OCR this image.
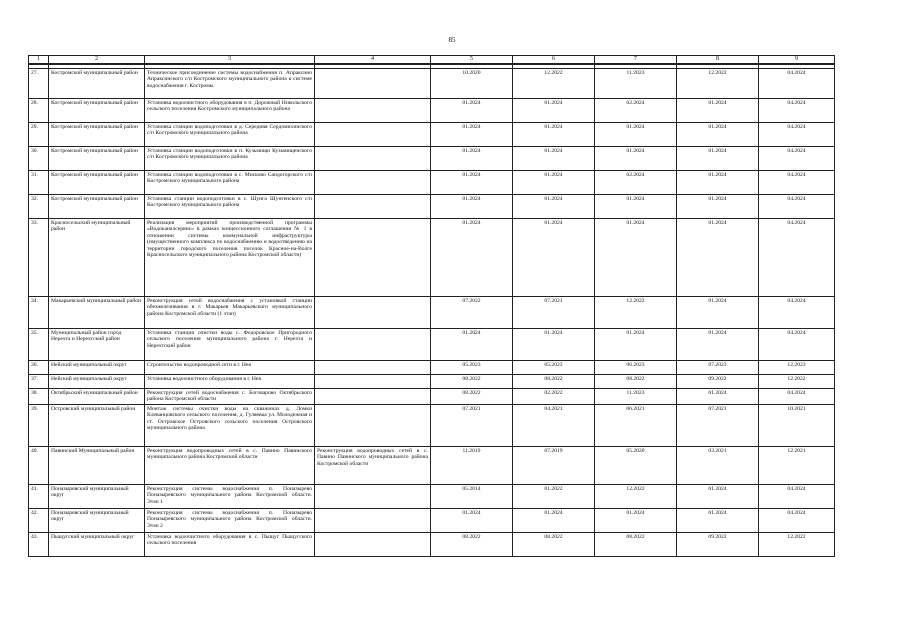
85
1	2	3	4	5	6	7	8	9

27.	Костромской муниципальный район	Техническое присоединение системы водоснабжения п. Апраксино Апраксинского с/п Костромского муниципального района к системе водоснабжения г. Костромы		10.2020	12.2022	11.2023	12.2022	04.2024
28.	Костромской муниципальный район	Установка водоочистного оборудования в п. Дорожный Никольского сельского поселения Костромского муниципального района		01.2024	01.2024	02.2024	01.2024	04.2024
29.	Костромской муниципальный район	Установка станции водоподготовки в д. Середняя Сердомихинского с/п Костромского муниципального района		01.2024	01.2024	01.2024	01.2024	04.2024
30.	Костромской муниципальный район	Установка станции водоподготовки в п. Кузьмищи Кузьмищенского с/п Костромского муниципального района		01.2024	01.2024	01.2024	01.2024	04.2024
31.	Костромской муниципальный район	Установка станции водоподготовки в с. Мисково Сандогорского с/п Костромского муниципального района		01.2024	01.2024	02.2024	01.2024	04.2024
32.	Костромской муниципальный район	Установка станции водоподготовки в с. Шунга Шунгенского с/п Костромского муниципального района		01.2024	01.2024	01.2024	01.2024	04.2024
33.	Красносельский муниципальный район	Реализация мероприятий производственной программы «Водоканалсервис» в рамках концессионного соглашения № 1 в отношении системы коммунальной инфраструктуры (имущественного комплекса по водоснабжению и водоотведению на территории городского поселения поселок Красное-на-Волге Красносельского муниципального района Костромской области)		01.2024	01.2024	01.2024	01.2024	04.2024
34.	Макарьевский муниципальный район	Реконструкция сетей водоснабжения с установкой станции обезжелезивания в г. Макарьев Макарьевского муниципального района Костромской области (1 этап)		07.2022	07.2021	12.2022	01.2024	04.2024
35.	Муниципальный район город Нерехта и Нерехтский район	Установка станции очистки воды с. Федоровское Пригородного сельского поселения муниципального района г. Нерехта и Нерехтский район		01.2024	01.2024	01.2024	01.2024	04.2024
36.	Нейский муниципальный округ	Строительство водопроводной сети в г. Нея		05.2023	05.2023	06.2023	07.2023	12.2023
37.	Нейский муниципальный округ	Установка водоочистного оборудования в г. Нея		08.2022	08.2022	08.2022	09.2022	12.2022
38.	Октябрьский муниципальный район	Реконструкция сетей водоснабжения с. Боговарово Октябрьского района Костромской области		08.2022	02.2022	11.2023	01.2024	04.2024
39.	Островский муниципальный район	Монтаж системы очистки воды на скважинах д. Ломки Клеванцовского сельского поселения, д. Гуляевка ул. Молодежная и ст. Островское Островского сельского поселения Островского муниципального района		07.2021	04.2021	06.2021	07.2021	10.2021
40.	Павинский Муниципальный район	Реконструкция водопроводных сетей в с. Павино Павинского муниципального района Костромской области	Реконструкция водопроводных сетей в с. Павино Павинского муниципального района Костромской области	11.2019	07.2019	05.2020	03.2021	12.2021
41.	Поназыревский муниципальный округ	Реконструкция системы водоснабжения п. Поназырево Поназыревского муниципального района Костромской области. Этап 1		05.2014	01.2022	12.2022	01.2024	04.2024
42.	Поназыревский муниципальный округ	Реконструкция системы водоснабжения п. Поназырево Поназыревского муниципального района Костромской области. Этап 2		01.2024	01.2024	01.2024	01.2024	04.2024
43.	Пыщугский муниципальный округ	Установка водоочистного оборудования в с. Пыщуг Пыщугского сельского поселения		08.2022	08.2022	08.2022	09.2022	12.2022
